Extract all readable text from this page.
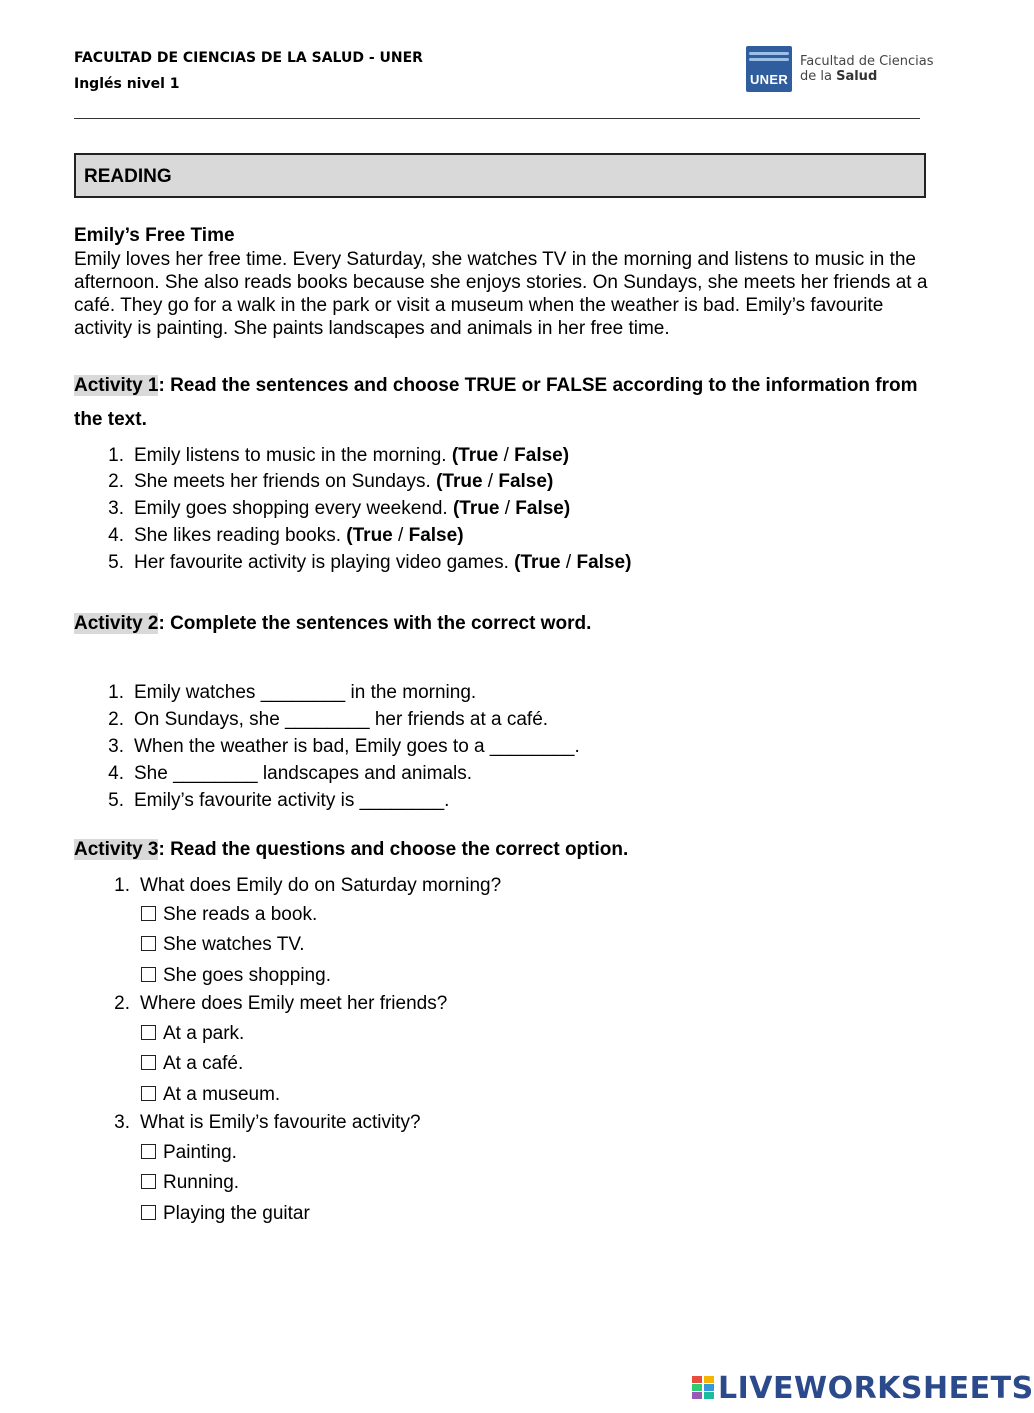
FACULTAD DE CIENCIAS DE LA SALUD - UNER
Inglés nivel 1	UNER
Facultad de Ciencias
de la Salud
READING
Emily’s Free Time

Emily loves her free time. Every Saturday, she watches TV in the morning and listens to music in the afternoon. She also reads books because she enjoys stories. On Sundays, she meets her friends at a café. They go for a walk in the park or visit a museum when the weather is bad. Emily’s favourite activity is painting. She paints landscapes and animals in her free time.

Activity 1: Read the sentences and choose TRUE or FALSE according to the information from the text.
1. Emily listens to music in the morning. (True / False)
2. She meets her friends on Sundays. (True / False)
3. Emily goes shopping every weekend. (True / False)
4. She likes reading books. (True / False)
5. Her favourite activity is playing video games. (True / False)
Activity 2: Complete the sentences with the correct word.
1. Emily watches ________ in the morning.
2. On Sundays, she ________ her friends at a café.
3. When the weather is bad, Emily goes to a ________.
4. She ________ landscapes and animals.
5. Emily’s favourite activity is ________.
Activity 3: Read the questions and choose the correct option.
1. What does Emily do on Saturday morning?
2. Where does Emily meet her friends?
3. What is Emily’s favourite activity?
She reads a book.
She watches TV.
She goes shopping.
At a park.
At a café.
At a museum.
Painting.
Running.
Playing the guitar
LIVEWORKSHEETS
